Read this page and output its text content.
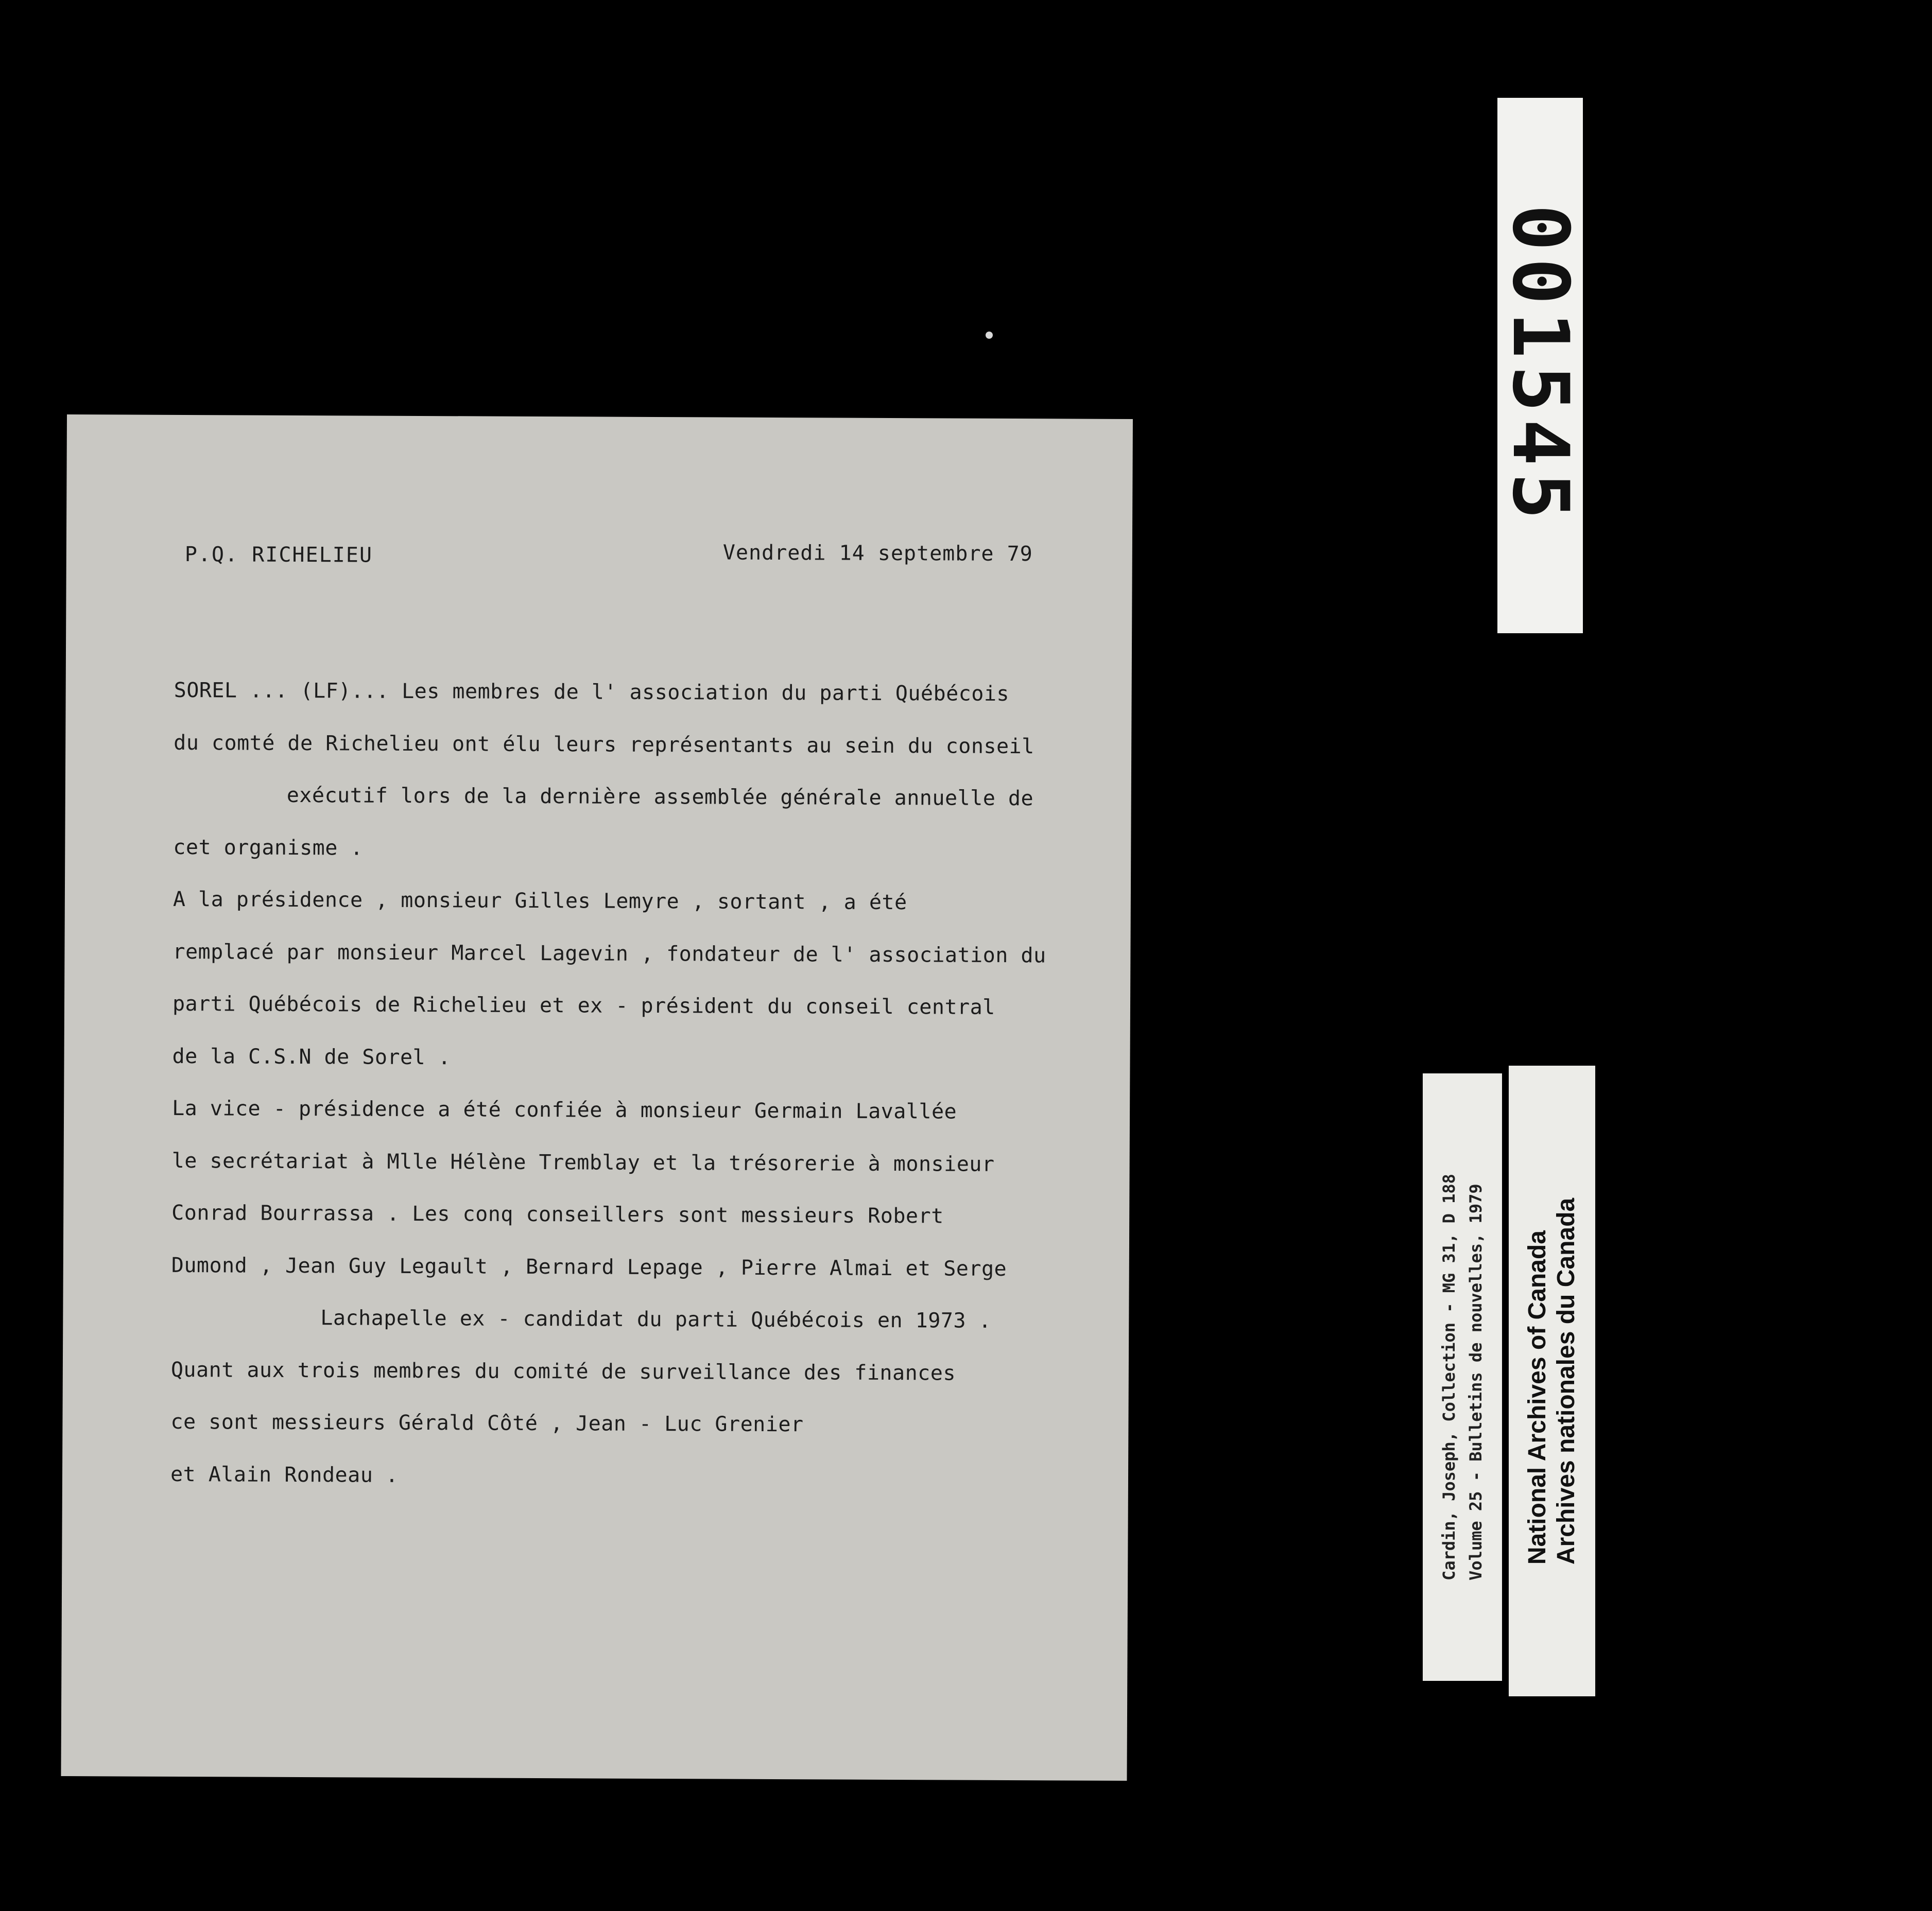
001545
P.Q. RICHELIEU	Vendredi 14 septembre 79
SOREL ... (LF)... Les membres de l' association du parti Québécois
du comté de Richelieu ont élu leurs représentants au sein du conseil
exécutif lors de la dernière assemblée générale annuelle de
cet organisme .
A la présidence , monsieur Gilles Lemyre , sortant , a été
remplacé par monsieur Marcel Lagevin , fondateur de l' association du
parti Québécois de Richelieu et ex - président du conseil central
de la C.S.N de Sorel .
La vice - présidence a été confiée à monsieur Germain Lavallée
le secrétariat à Mlle Hélène Tremblay et la trésorerie à monsieur
Conrad Bourrassa . Les conq conseillers sont messieurs Robert
Dumond , Jean Guy Legault , Bernard Lepage , Pierre Almai et Serge
Lachapelle ex - candidat du parti Québécois en 1973 .
Quant aux trois membres du comité de surveillance des finances
ce sont messieurs Gérald Côté , Jean - Luc Grenier
et Alain Rondeau .	Cardin, Joseph, Collection - MG 31, D 188 Volume 25 - Bulletins de nouvelles, 1979 National Archives of Canada Archives nationales du Canada
